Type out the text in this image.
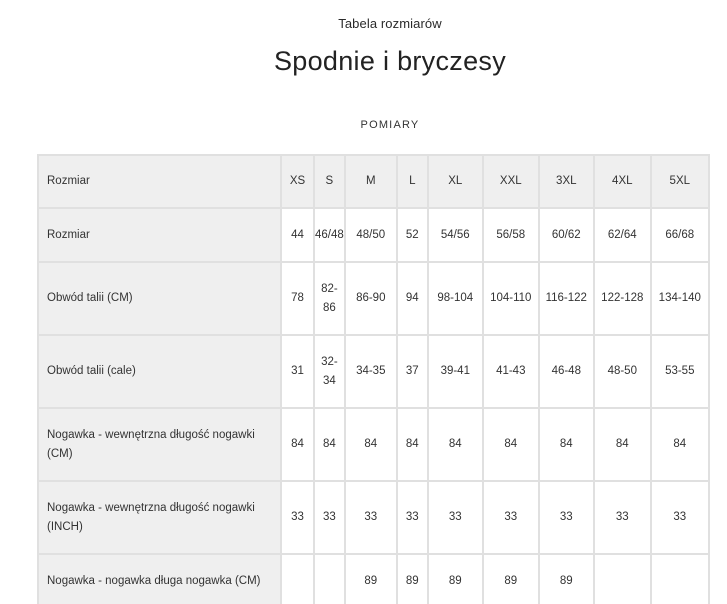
Tabela rozmiarów
Spodnie i bryczesy
POMIARY
Rozmiar	XS	S	M	L	XL	XXL	3XL	4XL	5XL
Rozmiar	44	46/48	48/50	52	54/56	56/58	60/62	62/64	66/68
Obwód talii (CM)	78	82-86	86-90	94	98-104	104-110	116-122	122-128	134-140
Obwód talii (cale)	31	32-34	34-35	37	39-41	41-43	46-48	48-50	53-55
Nogawka - wewnętrzna długość nogawki (CM)	84	84	84	84	84	84	84	84	84
Nogawka - wewnętrzna długość nogawki (INCH)	33	33	33	33	33	33	33	33	33
Nogawka - nogawka długa nogawka (CM)			89	89	89	89	89		
